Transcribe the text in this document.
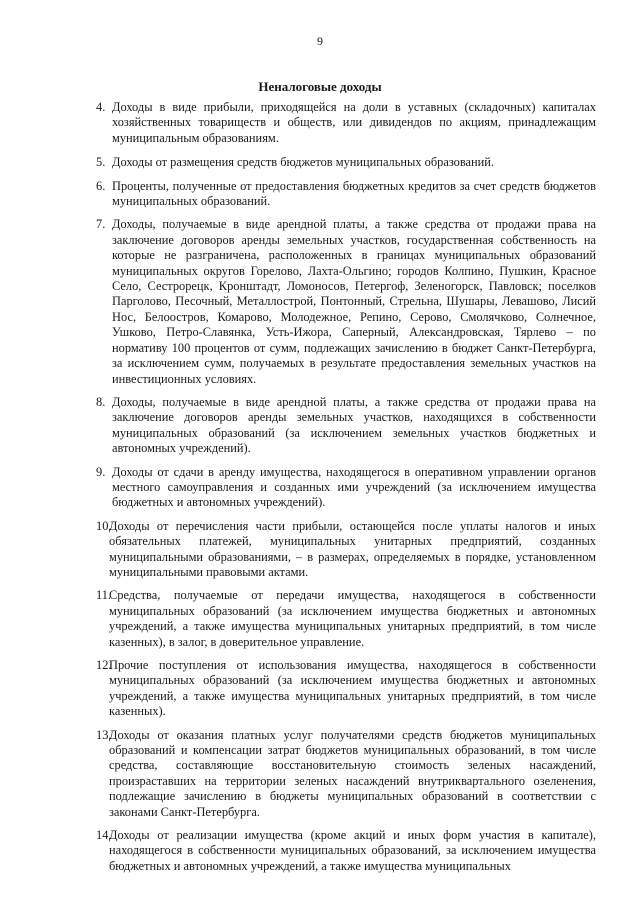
9
Неналоговые доходы
4. Доходы в виде прибыли, приходящейся на доли в уставных (складочных) капиталах хозяйственных товариществ и обществ, или дивидендов по акциям, принадлежащим муниципальным образованиям.
5. Доходы от размещения средств бюджетов муниципальных образований.
6. Проценты, полученные от предоставления бюджетных кредитов за счет средств бюджетов муниципальных образований.
7. Доходы, получаемые в виде арендной платы, а также средства от продажи права на заключение договоров аренды земельных участков, государственная собственность на которые не разграничена, расположенных в границах муниципальных образований муниципальных округов Горелово, Лахта-Ольгино; городов Колпино, Пушкин, Красное Село, Сестрорецк, Кронштадт, Ломоносов, Петергоф, Зеленогорск, Павловск; поселков Парголово, Песочный, Металлострой, Понтонный, Стрельна, Шушары, Левашово, Лисий Нос, Белоостров, Комарово, Молодежное, Репино, Серово, Смолячково, Солнечное, Ушково, Петро-Славянка, Усть-Ижора, Саперный, Александровская, Тярлево – по нормативу 100 процентов от сумм, подлежащих зачислению в бюджет Санкт-Петербурга, за исключением сумм, получаемых в результате предоставления земельных участков на инвестиционных условиях.
8. Доходы, получаемые в виде арендной платы, а также средства от продажи права на заключение договоров аренды земельных участков, находящихся в собственности муниципальных образований (за исключением земельных участков бюджетных и автономных учреждений).
9. Доходы от сдачи в аренду имущества, находящегося в оперативном управлении органов местного самоуправления и созданных ими учреждений (за исключением имущества бюджетных и автономных учреждений).
10.
Доходы от перечисления части прибыли, остающейся после уплаты налогов и иных обязательных платежей, муниципальных унитарных предприятий, созданных муниципальными образованиями, – в размерах, определяемых в порядке, установленном муниципальными правовыми актами.
11.
Средства, получаемые от передачи имущества, находящегося в собственности муниципальных образований (за исключением имущества бюджетных и автономных учреждений, а также имущества муниципальных унитарных предприятий, в том числе казенных), в залог, в доверительное управление.
12.
Прочие поступления от использования имущества, находящегося в собственности муниципальных образований (за исключением имущества бюджетных и автономных учреждений, а также имущества муниципальных унитарных предприятий, в том числе казенных).
13.
Доходы от оказания платных услуг получателями средств бюджетов муниципальных образований и компенсации затрат бюджетов муниципальных образований, в том числе средства, составляющие восстановительную стоимость зеленых насаждений, произраставших на территории зеленых насаждений внутриквартального озеленения, подлежащие зачислению в бюджеты муниципальных образований в соответствии с законами Санкт-Петербурга.
14.
Доходы от реализации имущества (кроме акций и иных форм участия в капитале), находящегося в собственности муниципальных образований, за исключением имущества бюджетных и автономных учреждений, а также имущества муниципальных
